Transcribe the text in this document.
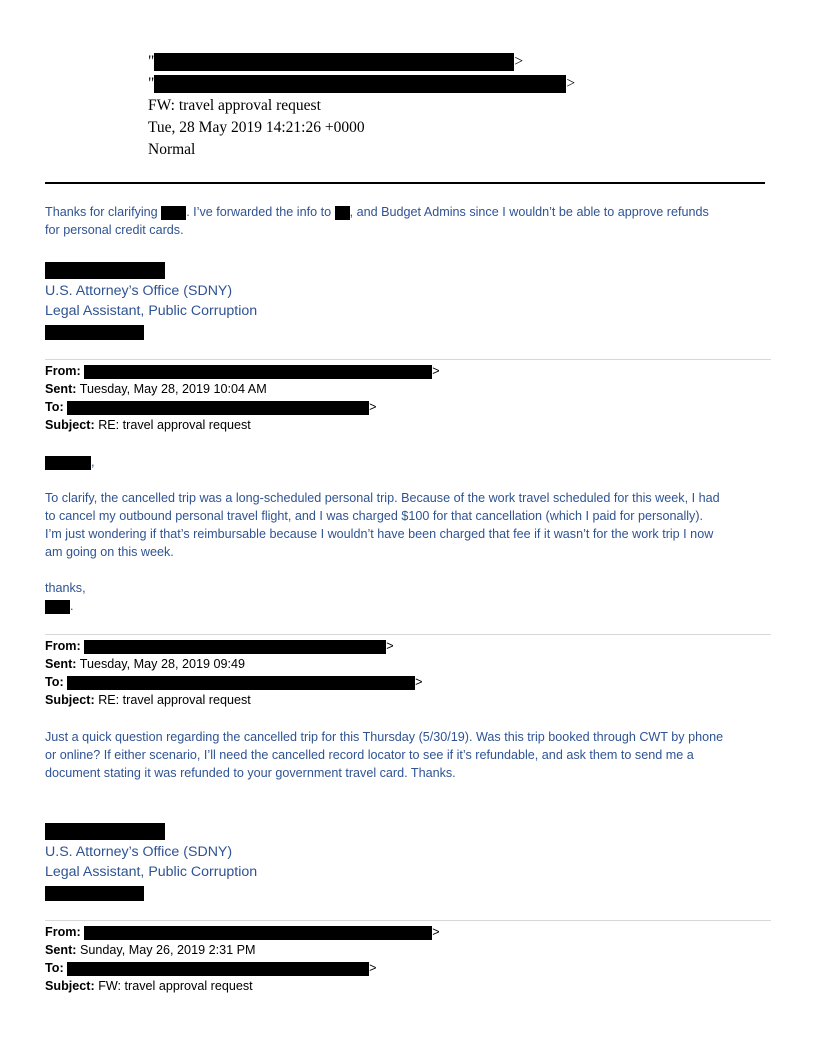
"	>
"	>
FW: travel approval request
Tue, 28 May 2019 14:21:26 +0000
Normal
Thanks for clarifying . I’ve forwarded the info to , and Budget Admins since I wouldn’t be able to approve refunds
for personal credit cards.
U.S. Attorney’s Office (SDNY)
Legal Assistant, Public Corruption
From:	>
Sent: Tuesday, May 28, 2019 10:04 AM
To:	>
Subject: RE: travel approval request
,
To clarify, the cancelled trip was a long-scheduled personal trip. Because of the work travel scheduled for this week, I had
to cancel my outbound personal travel flight, and I was charged $100 for that cancellation (which I paid for personally).
I’m just wondering if that’s reimbursable because I wouldn’t have been charged that fee if it wasn’t for the work trip I now
am going on this week.
thanks,
.
From:	>
Sent: Tuesday, May 28, 2019 09:49
To:	>
Subject: RE: travel approval request
Just a quick question regarding the cancelled trip for this Thursday (5/30/19). Was this trip booked through CWT by phone
or online? If either scenario, I’ll need the cancelled record locator to see if it’s refundable, and ask them to send me a
document stating it was refunded to your government travel card. Thanks.
U.S. Attorney’s Office (SDNY)
Legal Assistant, Public Corruption
From:	>
Sent: Sunday, May 26, 2019 2:31 PM
To:	>
Subject: FW: travel approval request
